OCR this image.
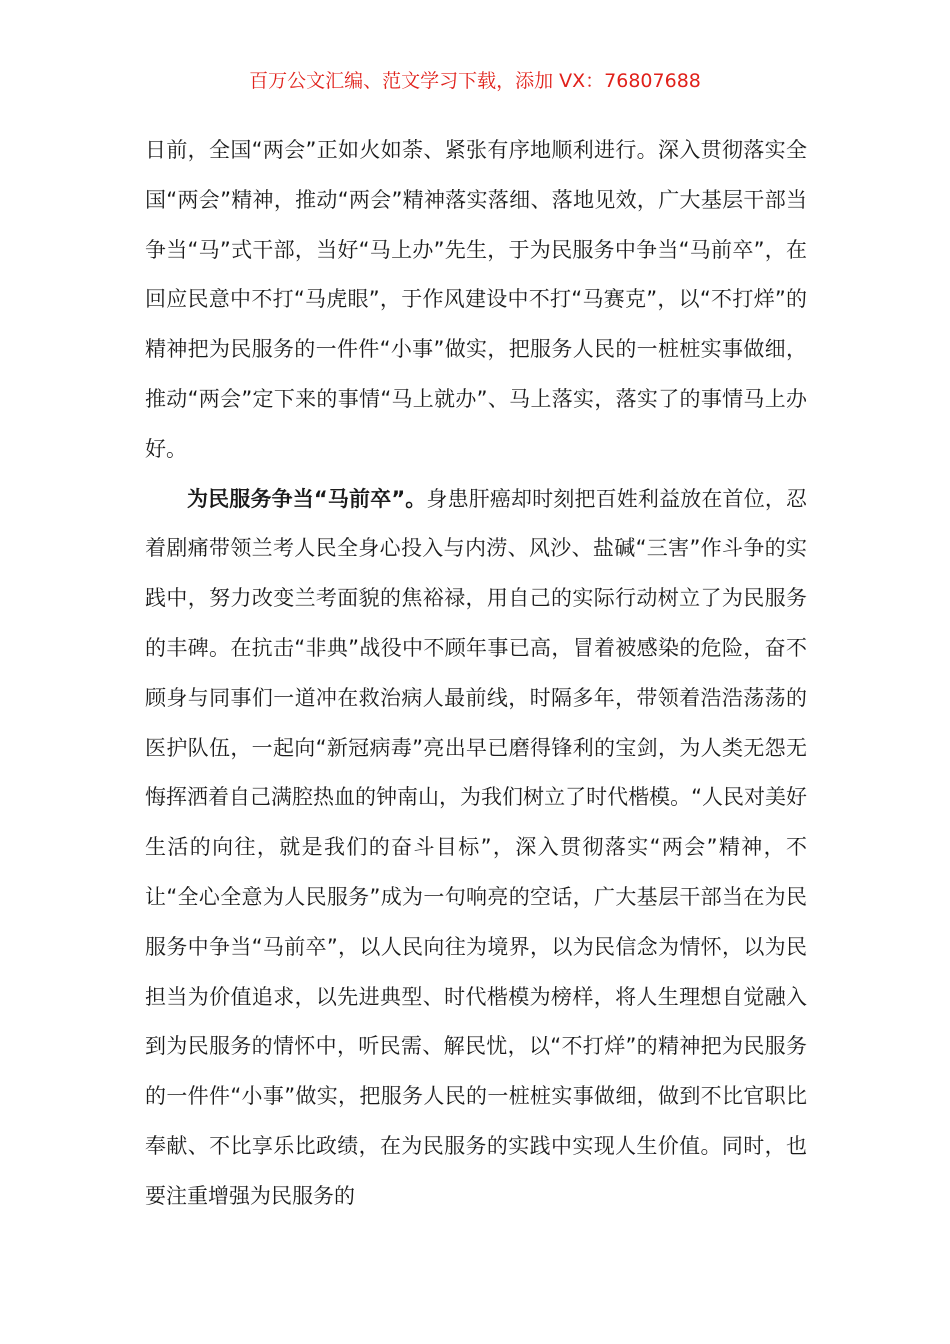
百万公文汇编、范文学习下载，添加 VX：76807688

日前，全国“两会”正如火如荼、紧张有序地顺利进行。深入贯彻落实全国“两会”精神，推动“两会”精神落实落细、落地见效，广大基层干部当争当“马”式干部，当好“马上办”先生，于为民服务中争当“马前卒”，在回应民意中不打“马虎眼”，于作风建设中不打“马赛克”，以“不打烊”的精神把为民服务的一件件“小事”做实，把服务人民的一桩桩实事做细，推动“两会”定下来的事情“马上就办”、马上落实，落实了的事情马上办好。

为民服务争当“马前卒”。身患肝癌却时刻把百姓利益放在首位，忍着剧痛带领兰考人民全身心投入与内涝、风沙、盐碱“三害”作斗争的实践中，努力改变兰考面貌的焦裕禄，用自己的实际行动树立了为民服务的丰碑。在抗击“非典”战役中不顾年事已高，冒着被感染的危险，奋不顾身与同事们一道冲在救治病人最前线，时隔多年，带领着浩浩荡荡的医护队伍，一起向“新冠病毒”亮出早已磨得锋利的宝剑，为人类无怨无悔挥洒着自己满腔热血的钟南山，为我们树立了时代楷模。“人民对美好生活的向往，就是我们的奋斗目标”，深入贯彻落实“两会”精神，不让“全心全意为人民服务”成为一句响亮的空话，广大基层干部当在为民服务中争当“马前卒”，以人民向往为境界，以为民信念为情怀，以为民担当为价值追求，以先进典型、时代楷模为榜样，将人生理想自觉融入到为民服务的情怀中，听民需、解民忧，以“不打烊”的精神把为民服务的一件件“小事”做实，把服务人民的一桩桩实事做细，做到不比官职比奉献、不比享乐比政绩，在为民服务的实践中实现人生价值。同时，也要注重增强为民服务的
